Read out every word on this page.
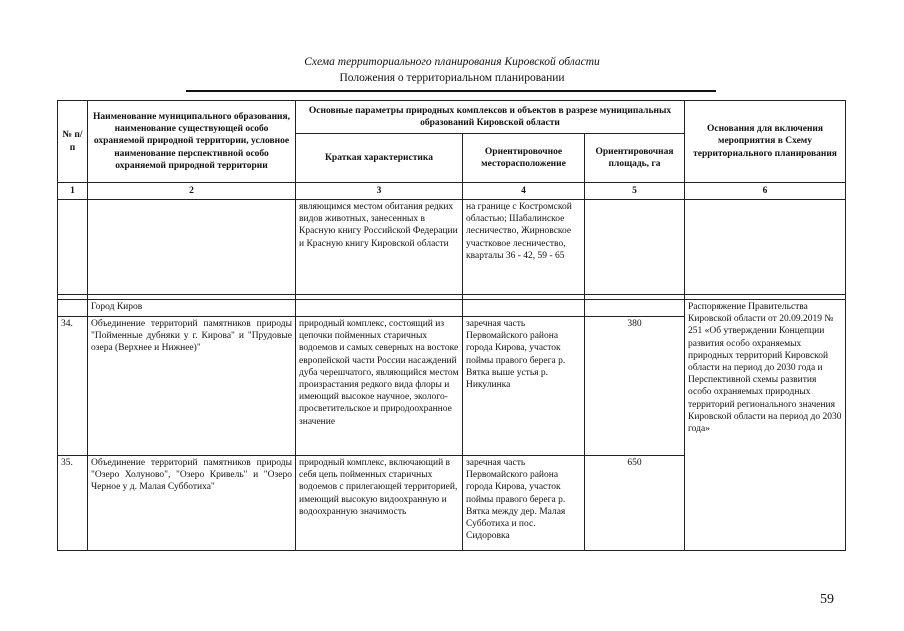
Схема территориального планирования Кировской области
Положения о территориальном планировании
№ п/п	Наименование муниципального образования, наименование существующей особо охраняемой природной территории, условное наименование перспективной особо охраняемой природной территории	Основные параметры природных комплексов и объектов в разрезе муниципальных образований Кировской области			Основания для включения мероприятия в Схему территориального планирования
		Краткая характеристика	Ориентировочное месторасположение	Ориентировочная площадь, га	
1	2	3	4	5	6
		являющимся местом обитания редких видов животных, занесенных в Красную книгу Российской Федерации и Красную книгу Кировской области	на границе с Костромской областью; Шабалинское лесничество, Жирновское участковое лесничество, кварталы 36 - 42, 59 - 65		

	Город Киров				Распоряжение Правительства Кировской области от 20.09.2019 № 251 «Об утверждении Концепции развития особо охраняемых природных территорий Кировской области на период до 2030 года и Перспективной схемы развития особо охраняемых природных территорий регионального значения Кировской области на период до 2030 года»
34.	Объединение территорий памятников природы "Пойменные дубняки у г. Кирова" и "Прудовые озера (Верхнее и Нижнее)"	природный комплекс, состоящий из цепочки пойменных старичных водоемов и самых северных на востоке европейской части России насаждений дуба черешчатого, являющийся местом произрастания редкого вида флоры и имеющий высокое научное, эколого-просветительское и природоохранное значение	заречная часть Первомайского района города Кирова, участок поймы правого берега р. Вятка выше устья р. Никулинка	380	
35.	Объединение территорий памятников природы "Озеро Холуново", "Озеро Кривель" и "Озеро Черное у д. Малая Субботиха"	природный комплекс, включающий в себя цепь пойменных старичных водоемов с прилегающей территорией, имеющий высокую видоохранную и водоохранную значимость	заречная часть Первомайского района города Кирова, участок поймы правого берега р. Вятка между дер. Малая Субботиха и пос. Сидоровка	650	
59
